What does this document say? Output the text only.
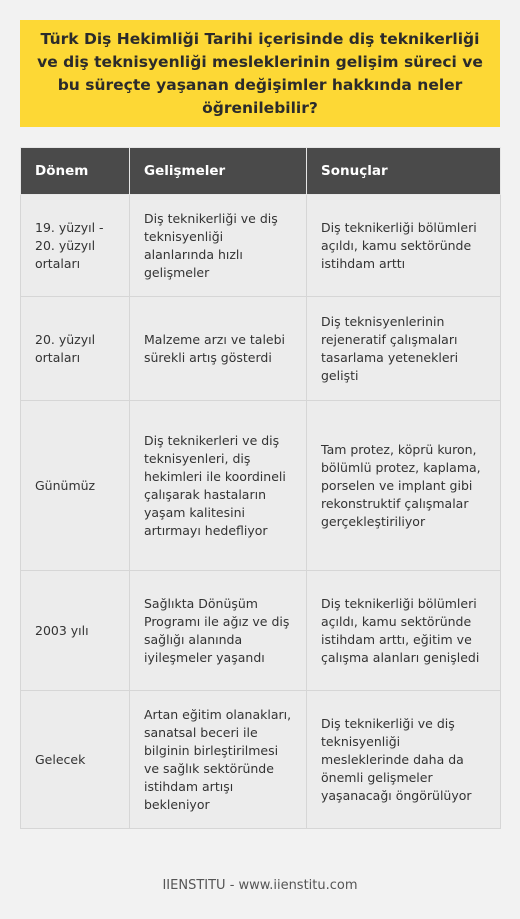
Türk Diş Hekimliği Tarihi içerisinde diş teknikerliği ve diş teknisyenliği mesleklerinin gelişim süreci ve bu süreçte yaşanan değişimler hakkında neler öğrenilebilir?
Dönem	Gelişmeler	Sonuçlar
19. yüzyıl - 20. yüzyıl ortaları	Diş teknikerliği ve diş teknisyenliği alanlarında hızlı gelişmeler	Diş teknikerliği bölümleri açıldı, kamu sektöründe istihdam arttı
20. yüzyıl ortaları	Malzeme arzı ve talebi sürekli artış gösterdi	Diş teknisyenlerinin rejeneratif çalışmaları tasarlama yetenekleri gelişti
Günümüz	Diş teknikerleri ve diş teknisyenleri, diş hekimleri ile koordineli çalışarak hastaların yaşam kalitesini artırmayı hedefliyor	Tam protez, köprü kuron, bölümlü protez, kaplama, porselen ve implant gibi rekonstruktif çalışmalar gerçekleştiriliyor
2003 yılı	Sağlıkta Dönüşüm Programı ile ağız ve diş sağlığı alanında iyileşmeler yaşandı	Diş teknikerliği bölümleri açıldı, kamu sektöründe istihdam arttı, eğitim ve çalışma alanları genişledi
Gelecek	Artan eğitim olanakları, sanatsal beceri ile bilginin birleştirilmesi ve sağlık sektöründe istihdam artışı bekleniyor	Diş teknikerliği ve diş teknisyenliği mesleklerinde daha da önemli gelişmeler yaşanacağı öngörülüyor
IIENSTITU - www.iienstitu.com
